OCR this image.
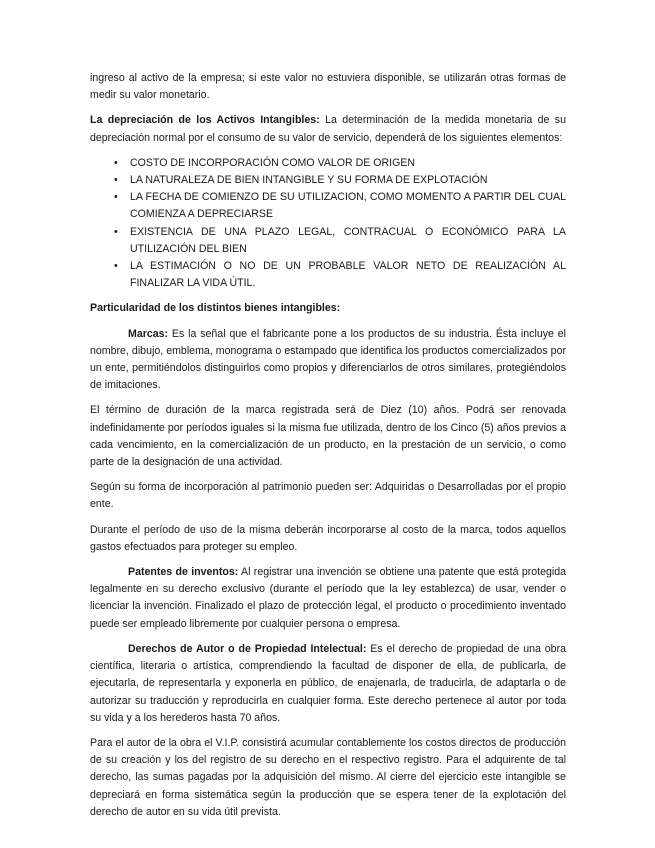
ingreso al activo de la empresa; si este valor no estuviera disponible, se utilizarán otras formas de medir su valor monetario.

La depreciación de los Activos Intangibles: La determinación de la medida monetaria de su depreciación normal por el consumo de su valor de servicio, dependerá de los siguientes elementos:

• COSTO DE INCORPORACIÓN COMO VALOR DE ORIGEN
• LA NATURALEZA DE BIEN INTANGIBLE Y SU FORMA DE EXPLOTACIÓN
• LA FECHA DE COMIENZO DE SU UTILIZACION, COMO MOMENTO A PARTIR DEL CUAL COMIENZA A DEPRECIARSE
• EXISTENCIA DE UNA PLAZO LEGAL, CONTRACUAL O ECONÓMICO PARA LA UTILIZACIÓN DEL BIEN
• LA ESTIMACIÓN O NO DE UN PROBABLE VALOR NETO DE REALIZACIÓN AL FINALIZAR LA VIDA ÚTIL.

Particularidad de los distintos bienes intangibles:

Marcas: Es la señal que el fabricante pone a los productos de su industria. Ésta incluye el nombre, dibujo, emblema, monograma o estampado que identifica los productos comercializados por un ente, permitiéndolos distinguirlos como propios y diferenciarlos de otros similares, protegiéndolos de imitaciones.

El término de duración de la marca registrada será de Diez (10) años. Podrá ser renovada indefinidamente por períodos iguales si la misma fue utilizada, dentro de los Cinco (5) años previos a cada vencimiento, en la comercialización de un producto, en la prestación de un servicio, o como parte de la designación de una actividad.

Según su forma de incorporación al patrimonio pueden ser: Adquiridas o Desarrolladas por el propio ente.

Durante el período de uso de la misma deberán incorporarse al costo de la marca, todos aquellos gastos efectuados para proteger su empleo.

Patentes de inventos: Al registrar una invención se obtiene una patente que está protegida legalmente en su derecho exclusivo (durante el período que la ley establezca) de usar, vender o licenciar la invención. Finalizado el plazo de protección legal, el producto o procedimiento inventado puede ser empleado libremente por cualquier persona o empresa.

Derechos de Autor o de Propiedad Intelectual: Es el derecho de propiedad de una obra científica, literaria o artística, comprendiendo la facultad de disponer de ella, de publicarla, de ejecutarla, de representarla y exponerla en público, de enajenarla, de traducirla, de adaptarla o de autorizar su traducción y reproducirla en cualquier forma. Este derecho pertenece al autor por toda su vida y a los herederos hasta 70 años.

Para el autor de la obra el V.I.P. consistirá acumular contablemente los costos directos de producción de su creación y los del registro de su derecho en el respectivo registro. Para el adquirente de tal derecho, las sumas pagadas por la adquisición del mismo. Al cierre del ejercicio este intangible se depreciará en forma sistemática según la producción que se espera tener de la explotación del derecho de autor en su vida útil prevista.
